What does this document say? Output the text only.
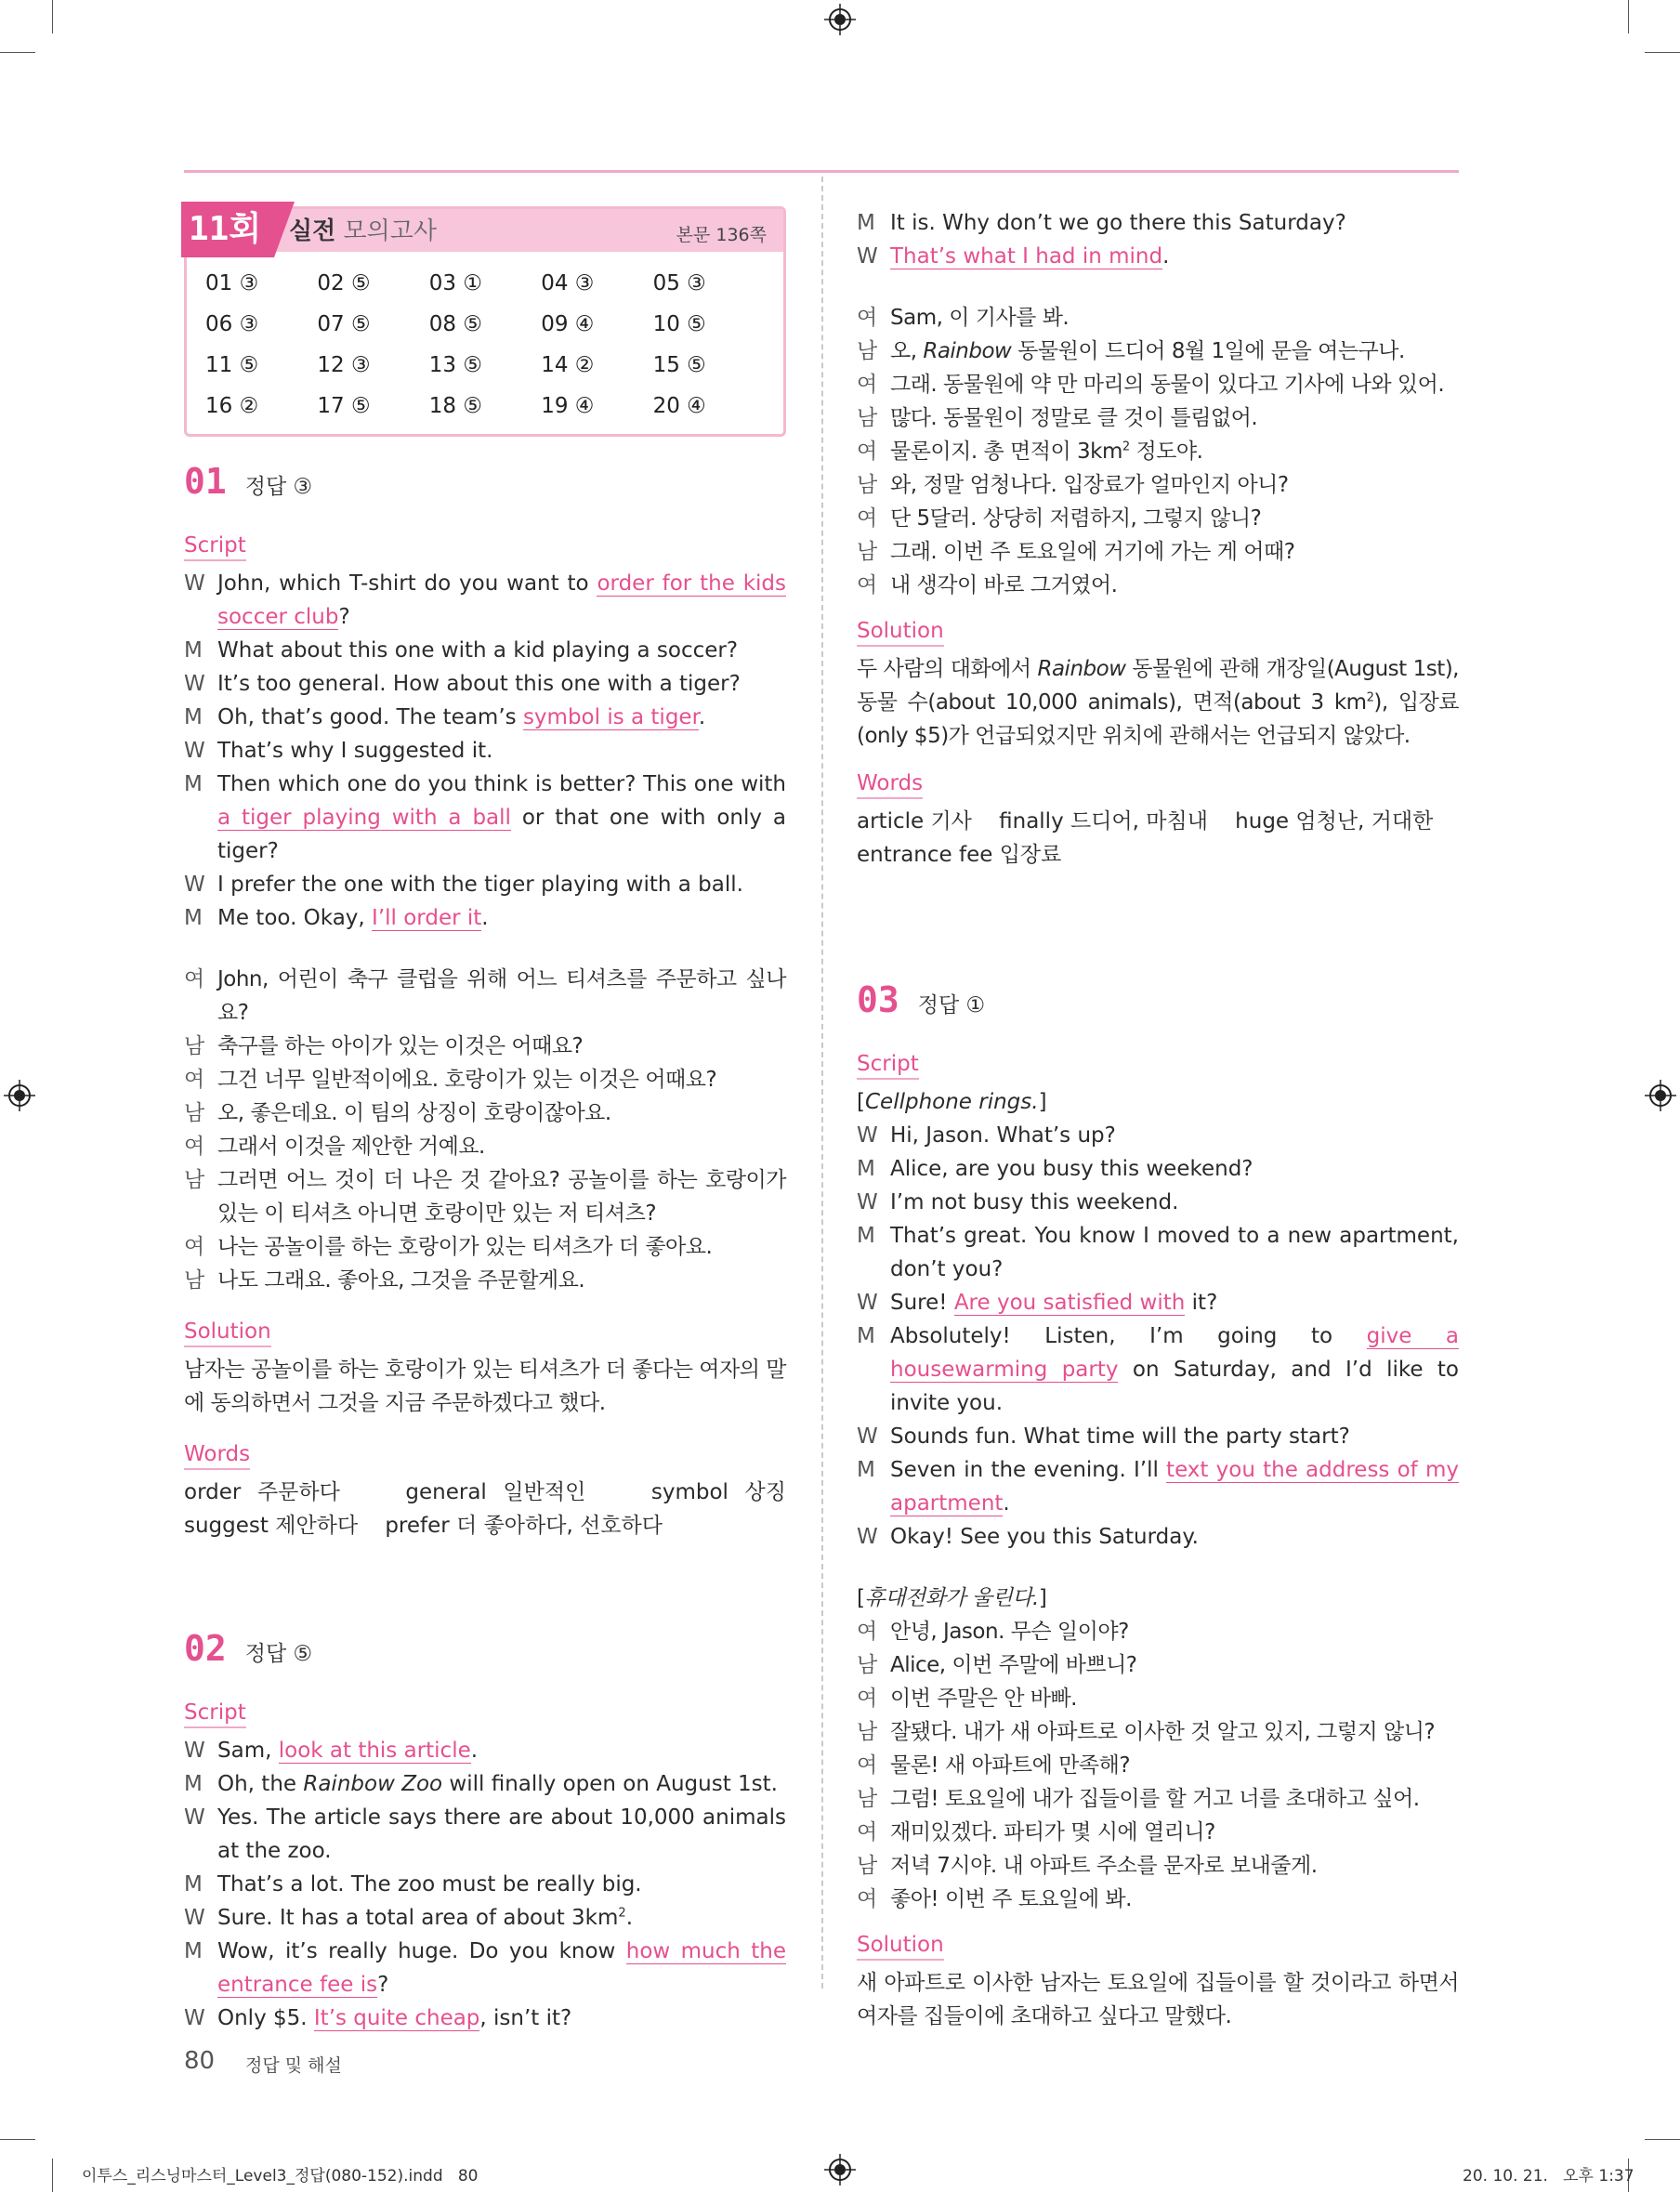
11회	실전 모의고사	본문 136쪽
01 ③	02 ⑤	03 ①	04 ③	05 ③
06 ③	07 ⑤	08 ⑤	09 ④	10 ⑤
11 ⑤	12 ③	13 ⑤	14 ②	15 ⑤
16 ②	17 ⑤	18 ⑤	19 ④	20 ④
01 정답 ③
Script
W John, which T-shirt do you want to order for the kids soccer club?
M What about this one with a kid playing a soccer?
W It’s too general. How about this one with a tiger?
M Oh, that’s good. The team’s symbol is a tiger.
W That’s why I suggested it.
M Then which one do you think is better? This one with a tiger playing with a ball or that one with only a tiger?
W I prefer the one with the tiger playing with a ball.
M Me too. Okay, I’ll order it.
여 John, 어린이 축구 클럽을 위해 어느 티셔츠를 주문하고 싶나요?
남 축구를 하는 아이가 있는 이것은 어때요?
여 그건 너무 일반적이에요. 호랑이가 있는 이것은 어때요?
남 오, 좋은데요. 이 팀의 상징이 호랑이잖아요.
여 그래서 이것을 제안한 거예요.
남 그러면 어느 것이 더 나은 것 같아요? 공놀이를 하는 호랑이가 있는 이 티셔츠 아니면 호랑이만 있는 저 티셔츠?
여 나는 공놀이를 하는 호랑이가 있는 티셔츠가 더 좋아요.
남 나도 그래요. 좋아요, 그것을 주문할게요.
Solution
남자는 공놀이를 하는 호랑이가 있는 티셔츠가 더 좋다는 여자의 말에 동의하면서 그것을 지금 주문하겠다고 했다.
Words
order 주문하다    general 일반적인    symbol 상징    suggest 제안하다    prefer 더 좋아하다, 선호하다
02 정답 ⑤
Script
W Sam, look at this article.
M Oh, the Rainbow Zoo will finally open on August 1st.
W Yes. The article says there are about 10,000 animals at the zoo.
M That’s a lot. The zoo must be really big.
W Sure. It has a total area of about $3km^2$.
M Wow, it’s really huge. Do you know how much the entrance fee is?
W Only $5. It’s quite cheap, isn’t it?
M It is. Why don’t we go there this Saturday?
W That’s what I had in mind.
여 Sam, 이 기사를 봐.
남 오, Rainbow 동물원이 드디어 8월 1일에 문을 여는구나.
여 그래. 동물원에 약 만 마리의 동물이 있다고 기사에 나와 있어.
남 많다. 동물원이 정말로 클 것이 틀림없어.
여 물론이지. 총 면적이 $3km^2$ 정도야.
남 와, 정말 엄청나다. 입장료가 얼마인지 아니?
여 단 5달러. 상당히 저렴하지, 그렇지 않니?
남 그래. 이번 주 토요일에 거기에 가는 게 어때?
여 내 생각이 바로 그거였어.
Solution
두 사람의 대화에서 Rainbow 동물원에 관해 개장일(August 1st), 동물 수(about 10,000 animals), 면적(about 3 $km^2$), 입장료(only $5)가 언급되었지만 위치에 관해서는 언급되지 않았다.
Words
article 기사    finally 드디어, 마침내    huge 엄청난, 거대한
entrance fee 입장료
03 정답 ①
Script
[Cellphone rings.]
W Hi, Jason. What’s up?
M Alice, are you busy this weekend?
W I’m not busy this weekend.
M That’s great. You know I moved to a new apartment, don’t you?
W Sure! Are you satisfied with it?
M Absolutely! Listen, I’m going to give a housewarming party on Saturday, and I’d like to invite you.
W Sounds fun. What time will the party start?
M Seven in the evening. I’ll text you the address of my apartment.
W Okay! See you this Saturday.
[휴대전화가 울린다.]
여 안녕, Jason. 무슨 일이야?
남 Alice, 이번 주말에 바쁘니?
여 이번 주말은 안 바빠.
남 잘됐다. 내가 새 아파트로 이사한 것 알고 있지, 그렇지 않니?
여 물론! 새 아파트에 만족해?
남 그럼! 토요일에 내가 집들이를 할 거고 너를 초대하고 싶어.
여 재미있겠다. 파티가 몇 시에 열리니?
남 저녁 7시야. 내 아파트 주소를 문자로 보내줄게.
여 좋아! 이번 주 토요일에 봐.
Solution
새 아파트로 이사한 남자는 토요일에 집들이를 할 것이라고 하면서 여자를 집들이에 초대하고 싶다고 말했다.
80 정답 및 해설
이투스_리스닝마스터_Level3_정답(080-152).indd   80	20. 10. 21.   오후 1:37
